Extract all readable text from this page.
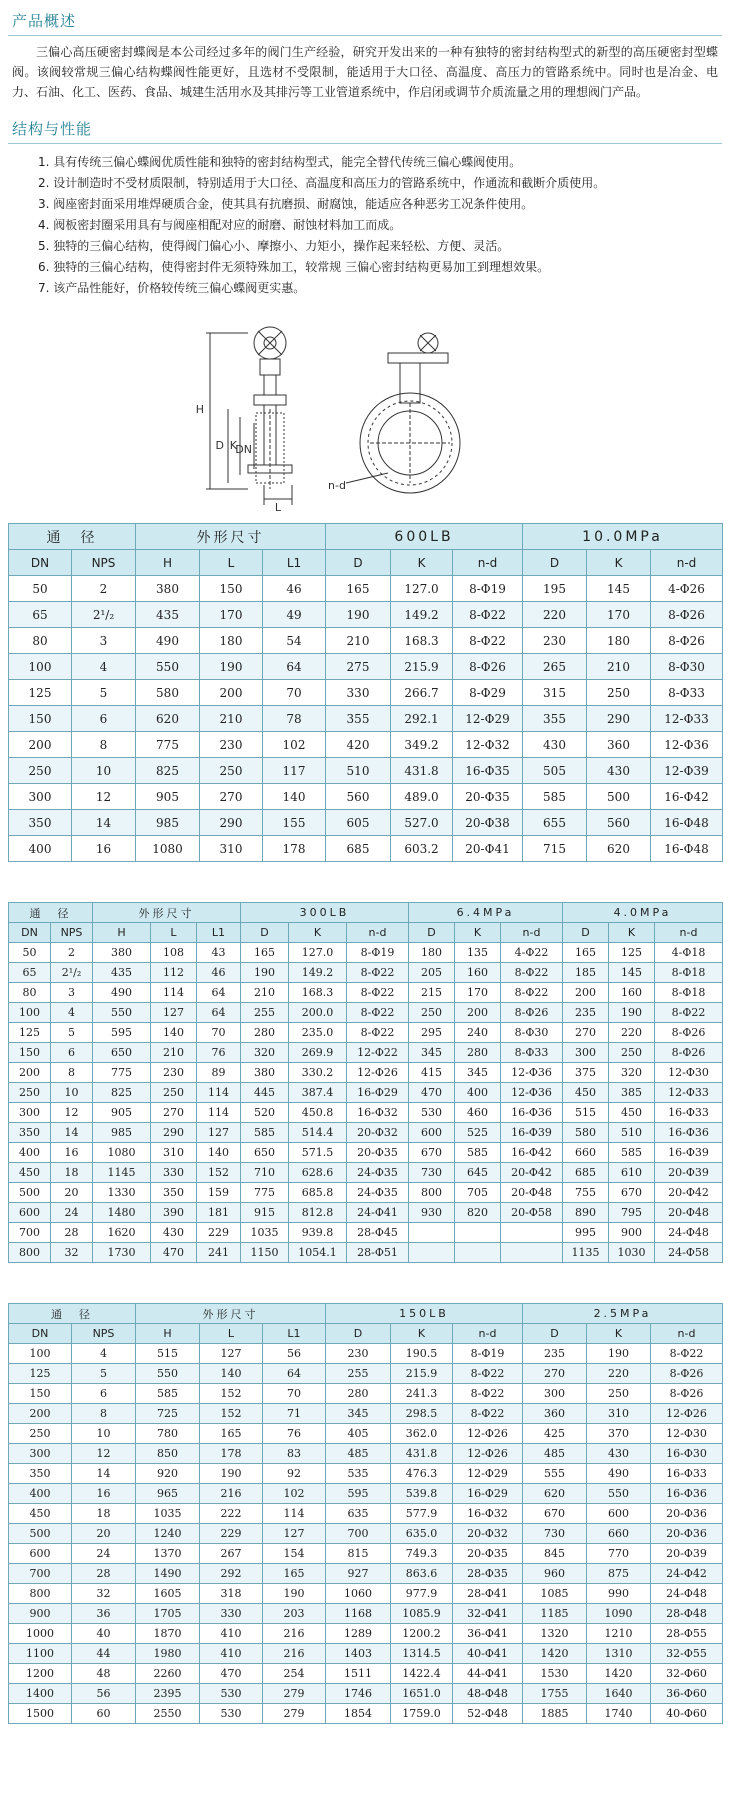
产品概述

三偏心高压硬密封蝶阀是本公司经过多年的阀门生产经验，研究开发出来的一种有独特的密封结构型式的新型的高压硬密封型蝶阀。该阀较常规三偏心结构蝶阀性能更好，且选材不受限制，能适用于大口径、高温度、高压力的管路系统中。同时也是冶金、电力、石油、化工、医药、食品、城建生活用水及其排污等工业管道系统中，作启闭或调节介质流量之用的理想阀门产品。

结构与性能
1. 具有传统三偏心蝶阀优质性能和独特的密封结构型式，能完全替代传统三偏心蝶阀使用。
2. 设计制造时不受材质限制，特别适用于大口径、高温度和高压力的管路系统中，作通流和截断介质使用。
3. 阀座密封面采用堆焊硬质合金，使其具有抗磨损、耐腐蚀，能适应各种恶劣工况条件使用。
4. 阀板密封圈采用具有与阀座相配对应的耐磨、耐蚀材料加工而成。
5. 独特的三偏心结构，使得阀门偏心小、摩擦小、力矩小，操作起来轻松、方便、灵活。
6. 独特的三偏心结构，使得密封件无须特殊加工，较常规 三偏心密封结构更易加工到理想效果。
7. 该产品性能好，价格较传统三偏心蝶阀更实惠。
H
D K
DN
L
n-d
通　径		外形尺寸			600LB			10.0MPa		
DN	NPS	H	L	L1	D	K	n-d	D	K	n-d
50	2	380	150	46	165	127.0	8-Φ19	195	145	4-Φ26
65	2¹/₂	435	170	49	190	149.2	8-Φ22	220	170	8-Φ26
80	3	490	180	54	210	168.3	8-Φ22	230	180	8-Φ26
100	4	550	190	64	275	215.9	8-Φ26	265	210	8-Φ30
125	5	580	200	70	330	266.7	8-Φ29	315	250	8-Φ33
150	6	620	210	78	355	292.1	12-Φ29	355	290	12-Φ33
200	8	775	230	102	420	349.2	12-Φ32	430	360	12-Φ36
250	10	825	250	117	510	431.8	16-Φ35	505	430	12-Φ39
300	12	905	270	140	560	489.0	20-Φ35	585	500	16-Φ42
350	14	985	290	155	605	527.0	20-Φ38	655	560	16-Φ48
400	16	1080	310	178	685	603.2	20-Φ41	715	620	16-Φ48
通　径		外形尺寸			300LB			6.4MPa			4.0MPa		
DN	NPS	H	L	L1	D	K	n-d	D	K	n-d	D	K	n-d
50	2	380	108	43	165	127.0	8-Φ19	180	135	4-Φ22	165	125	4-Φ18
65	2¹/₂	435	112	46	190	149.2	8-Φ22	205	160	8-Φ22	185	145	8-Φ18
80	3	490	114	64	210	168.3	8-Φ22	215	170	8-Φ22	200	160	8-Φ18
100	4	550	127	64	255	200.0	8-Φ22	250	200	8-Φ26	235	190	8-Φ22
125	5	595	140	70	280	235.0	8-Φ22	295	240	8-Φ30	270	220	8-Φ26
150	6	650	210	76	320	269.9	12-Φ22	345	280	8-Φ33	300	250	8-Φ26
200	8	775	230	89	380	330.2	12-Φ26	415	345	12-Φ36	375	320	12-Φ30
250	10	825	250	114	445	387.4	16-Φ29	470	400	12-Φ36	450	385	12-Φ33
300	12	905	270	114	520	450.8	16-Φ32	530	460	16-Φ36	515	450	16-Φ33
350	14	985	290	127	585	514.4	20-Φ32	600	525	16-Φ39	580	510	16-Φ36
400	16	1080	310	140	650	571.5	20-Φ35	670	585	16-Φ42	660	585	16-Φ39
450	18	1145	330	152	710	628.6	24-Φ35	730	645	20-Φ42	685	610	20-Φ39
500	20	1330	350	159	775	685.8	24-Φ35	800	705	20-Φ48	755	670	20-Φ42
600	24	1480	390	181	915	812.8	24-Φ41	930	820	20-Φ58	890	795	20-Φ48
700	28	1620	430	229	1035	939.8	28-Φ45				995	900	24-Φ48
800	32	1730	470	241	1150	1054.1	28-Φ51				1135	1030	24-Φ58
通　径		外形尺寸			150LB			2.5MPa		
DN	NPS	H	L	L1	D	K	n-d	D	K	n-d
100	4	515	127	56	230	190.5	8-Φ19	235	190	8-Φ22
125	5	550	140	64	255	215.9	8-Φ22	270	220	8-Φ26
150	6	585	152	70	280	241.3	8-Φ22	300	250	8-Φ26
200	8	725	152	71	345	298.5	8-Φ22	360	310	12-Φ26
250	10	780	165	76	405	362.0	12-Φ26	425	370	12-Φ30
300	12	850	178	83	485	431.8	12-Φ26	485	430	16-Φ30
350	14	920	190	92	535	476.3	12-Φ29	555	490	16-Φ33
400	16	965	216	102	595	539.8	16-Φ29	620	550	16-Φ36
450	18	1035	222	114	635	577.9	16-Φ32	670	600	20-Φ36
500	20	1240	229	127	700	635.0	20-Φ32	730	660	20-Φ36
600	24	1370	267	154	815	749.3	20-Φ35	845	770	20-Φ39
700	28	1490	292	165	927	863.6	28-Φ35	960	875	24-Φ42
800	32	1605	318	190	1060	977.9	28-Φ41	1085	990	24-Φ48
900	36	1705	330	203	1168	1085.9	32-Φ41	1185	1090	28-Φ48
1000	40	1870	410	216	1289	1200.2	36-Φ41	1320	1210	28-Φ55
1100	44	1980	410	216	1403	1314.5	40-Φ41	1420	1310	32-Φ55
1200	48	2260	470	254	1511	1422.4	44-Φ41	1530	1420	32-Φ60
1400	56	2395	530	279	1746	1651.0	48-Φ48	1755	1640	36-Φ60
1500	60	2550	530	279	1854	1759.0	52-Φ48	1885	1740	40-Φ60
